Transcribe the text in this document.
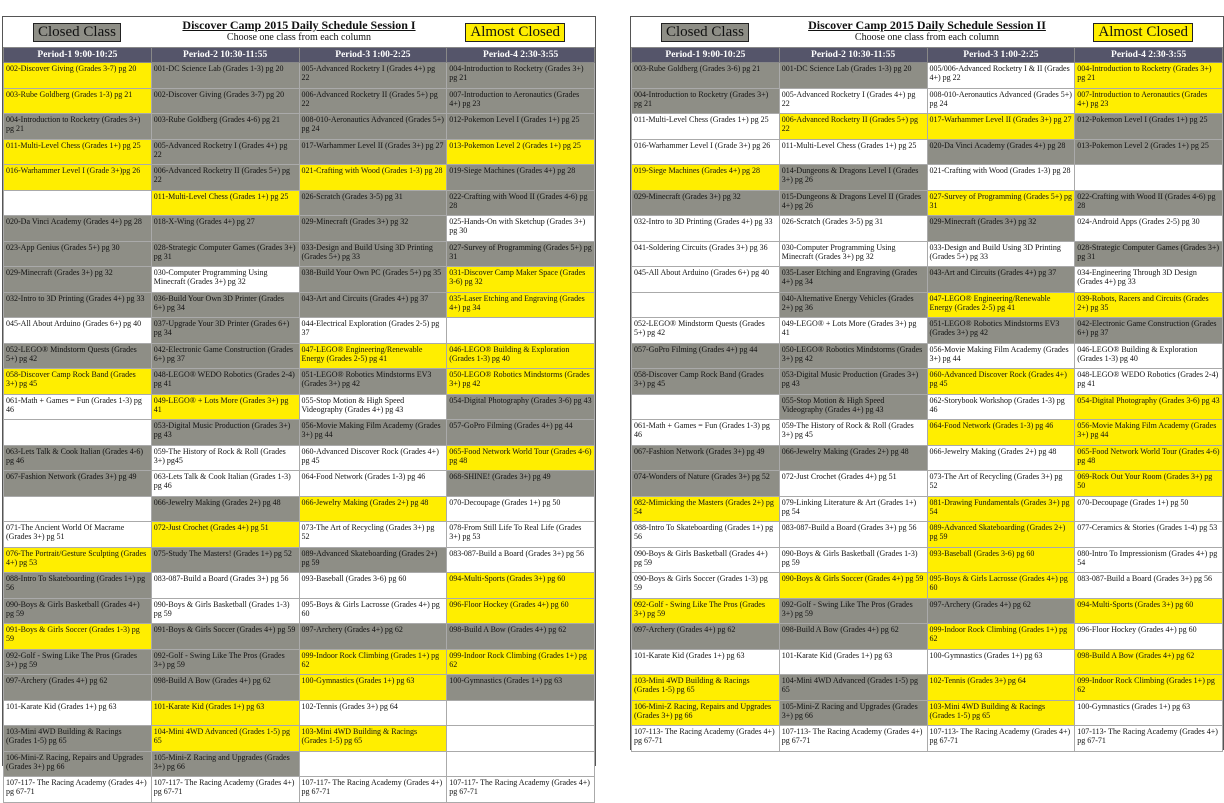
Closed Class	Discover Camp 2015 Daily Schedule Session I
Choose one class from each column	Almost Closed
Period-1 9:00-10:25	Period-2 10:30-11:55	Period-3 1:00-2:25	Period-4 2:30-3:55
002-Discover Giving (Grades 3-7) pg 20	001-DC Science Lab (Grades 1-3) pg 20	005-Advanced Rocketry I (Grades 4+) pg 22	004-Introduction to Rocketry (Grades 3+) pg 21
003-Rube Goldberg (Grades 1-3) pg 21	002-Discover Giving (Grades 3-7) pg 20	006-Advanced Rocketry II (Grades 5+) pg 22	007-Introduction to Aeronautics (Grades 4+) pg 23
004-Introduction to Rocketry (Grades 3+) pg 21	003-Rube Goldberg (Grades 4-6) pg 21	008-010-Aeronautics Advanced (Grades 5+) pg 24	012-Pokemon Level I (Grades 1+) pg 25
011-Multi-Level Chess (Grades 1+) pg 25	005-Advanced Rocketry I (Grades 4+) pg 22	017-Warhammer Level II (Grades 3+) pg 27	013-Pokemon Level 2 (Grades 1+) pg 25
016-Warhammer Level I (Grade 3+)pg 26	006-Advanced Rocketry II (Grades 5+) pg 22	021-Crafting with Wood (Grades 1-3) pg 28	019-Siege Machines (Grades 4+) pg 28
	011-Multi-Level Chess (Grades 1+) pg 25	026-Scratch (Grades 3-5) pg 31	022-Crafting with Wood II (Grades 4-6) pg 28
020-Da Vinci Academy (Grades 4+) pg 28	018-X-Wing (Grades 4+) pg 27	029-Minecraft (Grades 3+) pg 32	025-Hands-On with Sketchup (Grades 3+) pg 30
023-App Genius (Grades 5+) pg 30	028-Strategic Computer Games (Grades 3+) pg 31	033-Design and Build Using 3D Printing (Grades 5+) pg 33	027-Survey of Programming (Grades 5+) pg 31
029-Minecraft (Grades 3+) pg 32	030-Computer Programming Using Minecraft (Grades 3+) pg 32	038-Build Your Own PC (Grades 5+) pg 35	031-Discover Camp Maker Space (Grades 3-6) pg 32
032-Intro to 3D Printing (Grades 4+) pg 33	036-Build Your Own 3D Printer (Grades 6+) pg 34	043-Art and Circuits (Grades 4+) pg 37	035-Laser Etching and Engraving (Grades 4+) pg 34
045-All About Arduino (Grades 6+) pg 40	037-Upgrade Your 3D Printer (Grades 6+) pg 34	044-Electrical Exploration (Grades 2-5) pg 37	
052-LEGO® Mindstorm Quests (Grades 5+) pg 42	042-Electronic Game Construction (Grades 6+) pg 37	047-LEGO® Engineering/Renewable Energy (Grades 2-5) pg 41	046-LEGO® Building & Exploration (Grades 1-3) pg 40
058-Discover Camp Rock Band (Grades 3+) pg 45	048-LEGO® WEDO Robotics (Grades 2-4) pg 41	051-LEGO® Robotics Mindstorms EV3 (Grades 3+) pg 42	050-LEGO® Robotics Mindstorms (Grades 3+) pg 42
061-Math + Games = Fun (Grades 1-3) pg 46	049-LEGO® + Lots More (Grades 3+) pg 41	055-Stop Motion & High Speed Videography (Grades 4+) pg 43	054-Digital Photography (Grades 3-6) pg 43
	053-Digital Music Production (Grades 3+) pg 43	056-Movie Making Film Academy (Grades 3+) pg 44	057-GoPro Filming (Grades 4+) pg 44
063-Lets Talk & Cook Italian (Grades 4-6) pg 46	059-The History of Rock & Roll (Grades 3+) pg45	060-Advanced Discover Rock (Grades 4+) pg 45	065-Food Network World Tour (Grades 4-6) pg 48
067-Fashion Network (Grades 3+) pg 49	063-Lets Talk & Cook Italian (Grades 1-3) pg 46	064-Food Network (Grades 1-3) pg 46	068-SHINE! (Grades 3+) pg 49
	066-Jewelry Making (Grades 2+) pg 48	066-Jewelry Making (Grades 2+) pg 48	070-Decoupage (Grades 1+) pg 50
071-The Ancient World Of Macrame (Grades 3+) pg 51	072-Just Crochet (Grades 4+) pg 51	073-The Art of Recycling (Grades 3+) pg 52	078-From Still Life To Real Life (Grades 3+) pg 53
076-The Portrait/Gesture Sculpting (Grades 4+) pg 53	075-Study The Masters! (Grades 1+) pg 52	089-Advanced Skateboarding (Grades 2+) pg 59	083-087-Build a Board (Grades 3+) pg 56
088-Intro To Skateboarding (Grades 1+) pg 56	083-087-Build a Board (Grades 3+) pg 56	093-Baseball (Grades 3-6) pg 60	094-Multi-Sports (Grades 3+) pg 60
090-Boys & Girls Basketball (Grades 4+) pg 59	090-Boys & Girls Basketball (Grades 1-3) pg 59	095-Boys & Girls Lacrosse (Grades 4+) pg 60	096-Floor Hockey (Grades 4+) pg 60
091-Boys & Girls Soccer (Grades 1-3) pg 59	091-Boys & Girls Soccer (Grades 4+) pg 59	097-Archery (Grades 4+) pg 62	098-Build A Bow (Grades 4+) pg 62
092-Golf - Swing Like The Pros (Grades 3+) pg 59	092-Golf - Swing Like The Pros (Grades 3+) pg 59	099-Indoor Rock Climbing (Grades 1+) pg 62	099-Indoor Rock Climbing (Grades 1+) pg 62
097-Archery (Grades 4+) pg 62	098-Build A Bow (Grades 4+) pg 62	100-Gymnastics (Grades 1+) pg 63	100-Gymnastics (Grades 1+) pg 63
101-Karate Kid (Grades 1+) pg 63	101-Karate Kid (Grades 1+) pg 63	102-Tennis (Grades 3+) pg 64	
103-Mini 4WD Building & Racings (Grades 1-5) pg 65	104-Mini 4WD Advanced (Grades 1-5) pg 65	103-Mini 4WD Building & Racings (Grades 1-5) pg 65	
106-Mini-Z Racing, Repairs and Upgrades (Grades 3+) pg 66	105-Mini-Z Racing and Upgrades (Grades 3+) pg 66		
107-117- The Racing Academy (Grades 4+) pg 67-71	107-117- The Racing Academy (Grades 4+) pg 67-71	107-117- The Racing Academy (Grades 4+) pg 67-71	107-117- The Racing Academy (Grades 4+) pg 67-71
Closed Class	Discover Camp 2015 Daily Schedule Session II
Choose one class from each column	Almost Closed
Period-1 9:00-10:25	Period-2 10:30-11:55	Period-3 1:00-2:25	Period-4 2:30-3:55
003-Rube Goldberg (Grades 3-6) pg 21	001-DC Science Lab (Grades 1-3) pg 20	005/006-Advanced Rocketry I & II (Grades 4+) pg 22	004-Introduction to Rocketry (Grades 3+) pg 21
004-Introduction to Rocketry (Grades 3+) pg 21	005-Advanced Rocketry I (Grades 4+) pg 22	008-010-Aeronautics Advanced (Grades 5+) pg 24	007-Introduction to Aeronautics (Grades 4+) pg 23
011-Multi-Level Chess (Grades 1+) pg 25	006-Advanced Rocketry II (Grades 5+) pg 22	017-Warhammer Level II (Grades 3+) pg 27	012-Pokemon Level I (Grades 1+) pg 25
016-Warhammer Level I (Grade 3+) pg 26	011-Multi-Level Chess (Grades 1+) pg 25	020-Da Vinci Academy (Grades 4+) pg 28	013-Pokemon Level 2 (Grades 1+) pg 25
019-Siege Machines (Grades 4+) pg 28	014-Dungeons & Dragons Level I (Grades 3+) pg 26	021-Crafting with Wood (Grades 1-3) pg 28	
029-Minecraft (Grades 3+) pg 32	015-Dungeons & Dragons Level II (Grades 4+) pg 26	027-Survey of Programming (Grades 5+) pg 31	022-Crafting with Wood II (Grades 4-6) pg 28
032-Intro to 3D Printing (Grades 4+) pg 33	026-Scratch (Grades 3-5) pg 31	029-Minecraft (Grades 3+) pg 32	024-Android Apps (Grades 2-5) pg 30
041-Soldering Circuits (Grades 3+) pg 36	030-Computer Programming Using Minecraft (Grades 3+) pg 32	033-Design and Build Using 3D Printing (Grades 5+) pg 33	028-Strategic Computer Games (Grades 3+) pg 31
045-All About Arduino (Grades 6+) pg 40	035-Laser Etching and Engraving (Grades 4+) pg 34	043-Art and Circuits (Grades 4+) pg 37	034-Engineering Through 3D Design (Grades 4+) pg 33
	040-Alternative Energy Vehicles (Grades 2+) pg 36	047-LEGO® Engineering/Renewable Energy (Grades 2-5) pg 41	039-Robots, Racers and Circuits (Grades 2+) pg 35
052-LEGO® Mindstorm Quests (Grades 5+) pg 42	049-LEGO® + Lots More (Grades 3+) pg 41	051-LEGO® Robotics Mindstorms EV3 (Grades 3+) pg 42	042-Electronic Game Construction (Grades 6+) pg 37
057-GoPro Filming (Grades 4+) pg 44	050-LEGO® Robotics Mindstorms (Grades 3+) pg 42	056-Movie Making Film Academy (Grades 3+) pg 44	046-LEGO® Building & Exploration (Grades 1-3) pg 40
058-Discover Camp Rock Band (Grades 3+) pg 45	053-Digital Music Production (Grades 3+) pg 43	060-Advanced Discover Rock (Grades 4+) pg 45	048-LEGO® WEDO Robotics (Grades 2-4) pg 41
	055-Stop Motion & High Speed Videography (Grades 4+) pg 43	062-Storybook Workshop (Grades 1-3) pg 46	054-Digital Photography (Grades 3-6) pg 43
061-Math + Games = Fun (Grades 1-3) pg 46	059-The History of Rock & Roll (Grades 3+) pg 45	064-Food Network (Grades 1-3) pg 46	056-Movie Making Film Academy (Grades 3+) pg 44
067-Fashion Network (Grades 3+) pg 49	066-Jewelry Making (Grades 2+) pg 48	066-Jewelry Making (Grades 2+) pg 48	065-Food Network World Tour (Grades 4-6) pg 48
074-Wonders of Nature (Grades 3+) pg 52	072-Just Crochet (Grades 4+) pg 51	073-The Art of Recycling (Grades 3+) pg 52	069-Rock Out Your Room (Grades 3+) pg 50
082-Mimicking the Masters (Grades 2+) pg 54	079-Linking Literature & Art (Grades 1+) pg 54	081-Drawing Fundamentals (Grades 3+) pg 54	070-Decoupage (Grades 1+) pg 50
088-Intro To Skateboarding (Grades 1+) pg 56	083-087-Build a Board (Grades 3+) pg 56	089-Advanced Skateboarding (Grades 2+) pg 59	077-Ceramics & Stories (Grades 1-4) pg 53
090-Boys & Girls Basketball (Grades 4+) pg 59	090-Boys & Girls Basketball (Grades 1-3) pg 59	093-Baseball (Grades 3-6) pg 60	080-Intro To Impressionism (Grades 4+) pg 54
090-Boys & Girls Soccer (Grades 1-3) pg 59	090-Boys & Girls Soccer (Grades 4+) pg 59	095-Boys & Girls Lacrosse (Grades 4+) pg 60	083-087-Build a Board (Grades 3+) pg 56
092-Golf - Swing Like The Pros (Grades 3+) pg 59	092-Golf - Swing Like The Pros (Grades 3+) pg 59	097-Archery (Grades 4+) pg 62	094-Multi-Sports (Grades 3+) pg 60
097-Archery (Grades 4+) pg 62	098-Build A Bow (Grades 4+) pg 62	099-Indoor Rock Climbing (Grades 1+) pg 62	096-Floor Hockey (Grades 4+) pg 60
101-Karate Kid (Grades 1+) pg 63	101-Karate Kid (Grades 1+) pg 63	100-Gymnastics (Grades 1+) pg 63	098-Build A Bow (Grades 4+) pg 62
103-Mini 4WD Building & Racings (Grades 1-5) pg 65	104-Mini 4WD Advanced (Grades 1-5) pg 65	102-Tennis (Grades 3+) pg 64	099-Indoor Rock Climbing (Grades 1+) pg 62
106-Mini-Z Racing, Repairs and Upgrades (Grades 3+) pg 66	105-Mini-Z Racing and Upgrades (Grades 3+) pg 66	103-Mini 4WD Building & Racings (Grades 1-5) pg 65	100-Gymnastics (Grades 1+) pg 63
107-113- The Racing Academy (Grades 4+) pg 67-71	107-113- The Racing Academy (Grades 4+) pg 67-71	107-113- The Racing Academy (Grades 4+) pg 67-71	107-113- The Racing Academy (Grades 4+) pg 67-71
